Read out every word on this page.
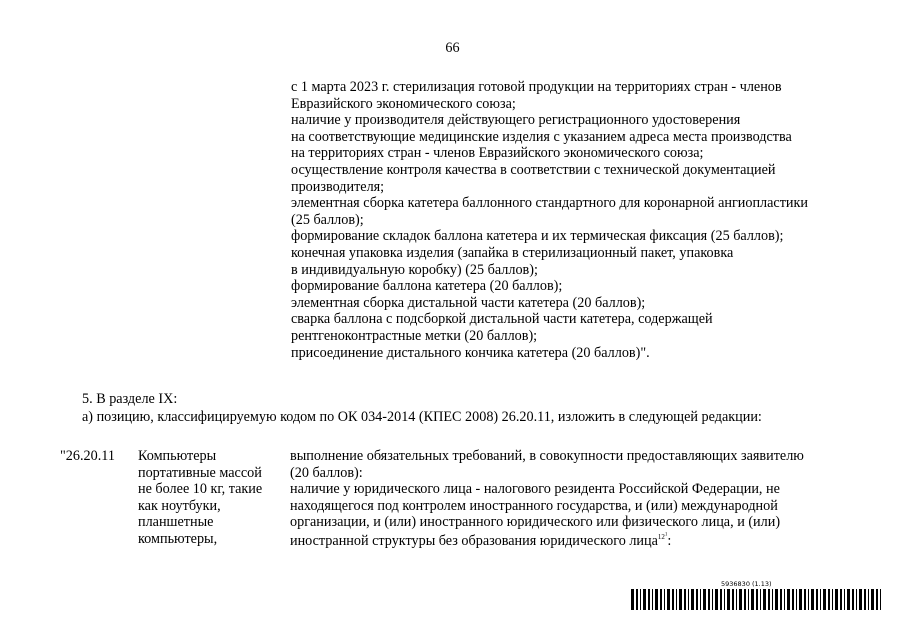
66
с 1 марта 2023 г. стерилизация готовой продукции на территориях стран - членов
Евразийского экономического союза;
наличие у производителя действующего регистрационного удостоверения
на соответствующие медицинские изделия с указанием адреса места производства
на территориях стран - членов Евразийского экономического союза;
осуществление контроля качества в соответствии с технической документацией
производителя;
элементная сборка катетера баллонного стандартного для коронарной ангиопластики
(25 баллов);
формирование складок баллона катетера и их термическая фиксация (25 баллов);
конечная упаковка изделия (запайка в стерилизационный пакет, упаковка
в индивидуальную коробку) (25 баллов);
формирование баллона катетера (20 баллов);
элементная сборка дистальной части катетера (20 баллов);
сварка баллона с подсборкой дистальной части катетера, содержащей
рентгеноконтрастные метки (20 баллов);
присоединение дистального кончика катетера (20 баллов)".
5. В разделе IX:
а) позицию, классифицируемую кодом по ОК 034-2014 (КПЕС 2008) 26.20.11, изложить в следующей редакции:
"26.20.11 Компьютеры
портативные массой
не более 10 кг, такие
как ноутбуки,
планшетные
компьютеры,
выполнение обязательных требований, в совокупности предоставляющих заявителю
(20 баллов):
наличие у юридического лица - налогового резидента Российской Федерации, не
находящегося под контролем иностранного государства, и (или) международной
организации, и (или) иностранного юридического или физического лица, и (или)
иностранной структуры без образования юридического лица$^{12^1}$:
5936830 (1.13)
